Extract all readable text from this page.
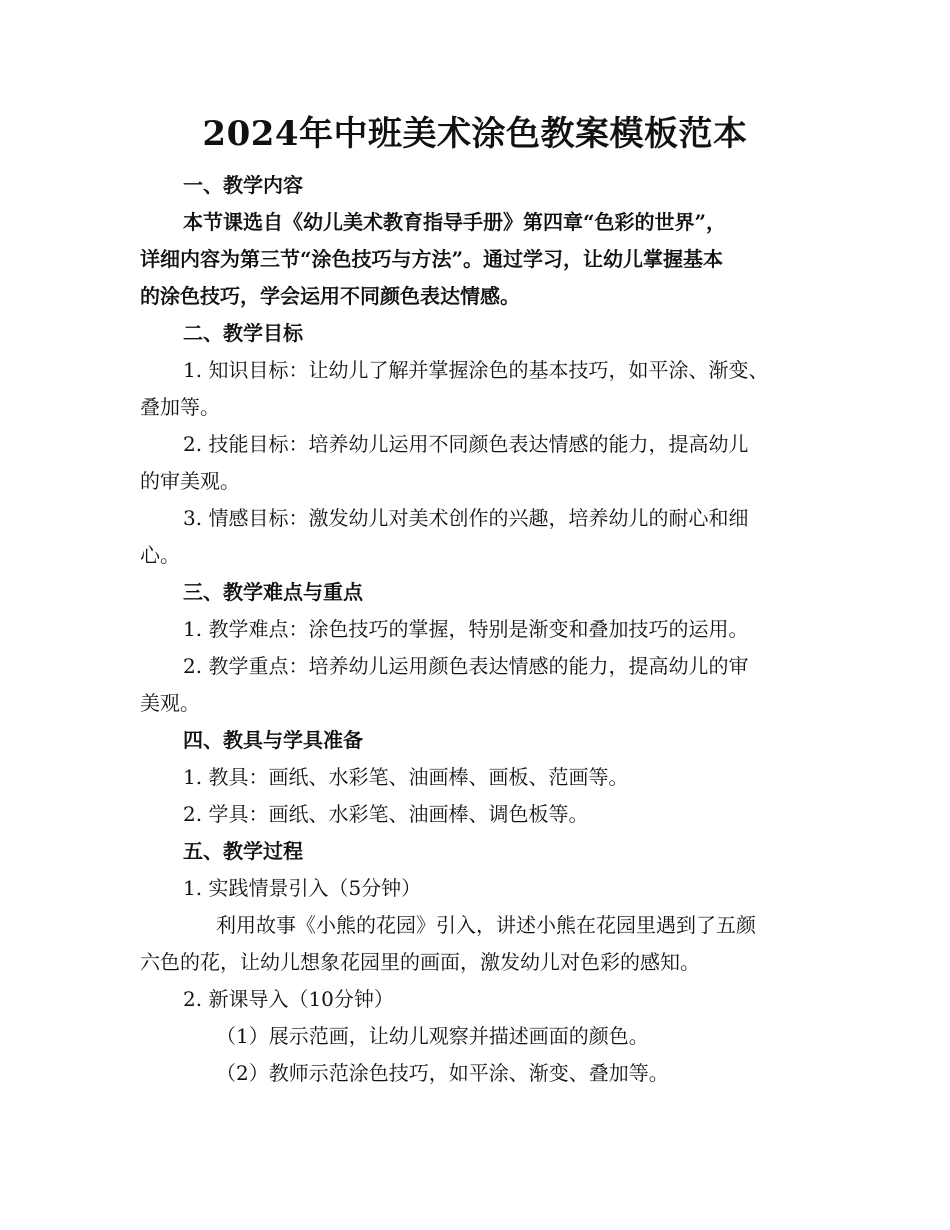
2024年中班美术涂色教案模板范本
一、教学内容
本节课选自《幼儿美术教育指导手册》第四章“色彩的世界”，
详细内容为第三节“涂色技巧与方法”。通过学习，让幼儿掌握基本
的涂色技巧，学会运用不同颜色表达情感。
二、教学目标
1. 知识目标：让幼儿了解并掌握涂色的基本技巧，如平涂、渐变、
叠加等。
2. 技能目标：培养幼儿运用不同颜色表达情感的能力，提高幼儿
的审美观。
3. 情感目标：激发幼儿对美术创作的兴趣，培养幼儿的耐心和细
心。
三、教学难点与重点
1. 教学难点：涂色技巧的掌握，特别是渐变和叠加技巧的运用。
2. 教学重点：培养幼儿运用颜色表达情感的能力，提高幼儿的审
美观。
四、教具与学具准备
1. 教具：画纸、水彩笔、油画棒、画板、范画等。
2. 学具：画纸、水彩笔、油画棒、调色板等。
五、教学过程
1. 实践情景引入（5分钟）
利用故事《小熊的花园》引入，讲述小熊在花园里遇到了五颜
六色的花，让幼儿想象花园里的画面，激发幼儿对色彩的感知。
2. 新课导入（10分钟）
（1）展示范画，让幼儿观察并描述画面的颜色。
（2）教师示范涂色技巧，如平涂、渐变、叠加等。
